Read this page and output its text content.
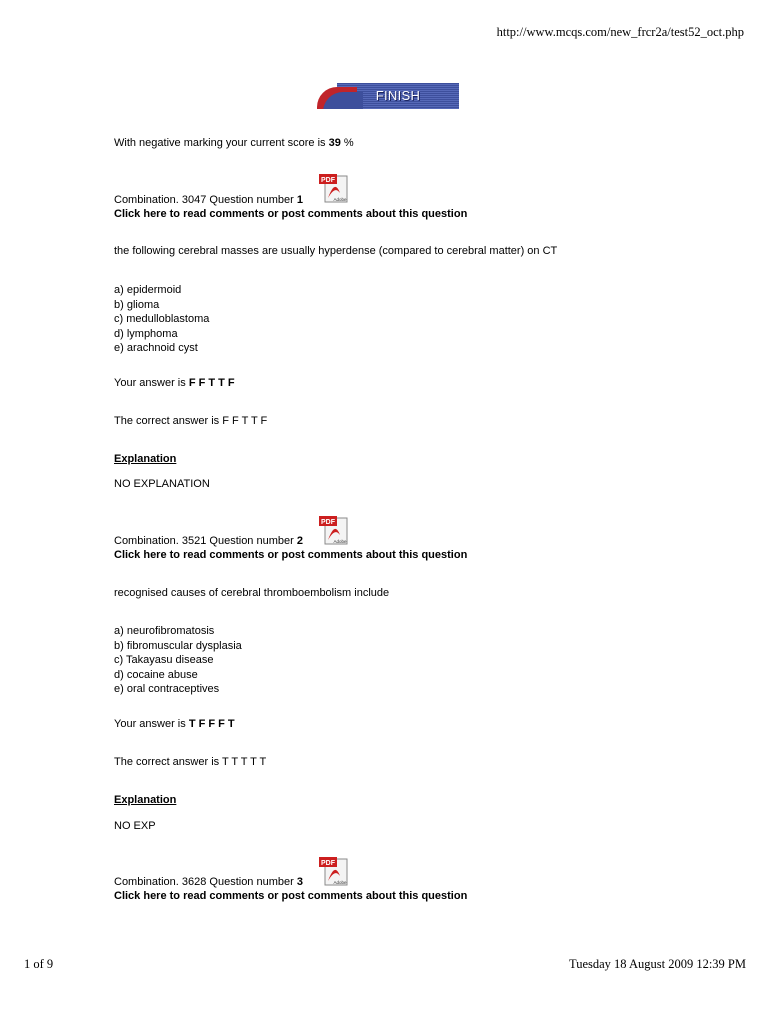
http://www.mcqs.com/new_frcr2a/test52_oct.php
FINISH
With negative marking your current score is 39 %
PDF
Adobe
Combination. 3047 Question number 1
Click here to read comments or post comments about this question
the following cerebral masses are usually hyperdense (compared to cerebral matter) on CT
a) epidermoid
b) glioma
c) medulloblastoma
d) lymphoma
e) arachnoid cyst
Your answer is F F T T F
The correct answer is F F T T F
Explanation
NO EXPLANATION
PDF
Adobe
Combination. 3521 Question number 2
Click here to read comments or post comments about this question
recognised causes of cerebral thromboembolism include
a) neurofibromatosis
b) fibromuscular dysplasia
c) Takayasu disease
d) cocaine abuse
e) oral contraceptives
Your answer is T F F F T
The correct answer is T T T T T
Explanation
NO EXP
PDF
Adobe
Combination. 3628 Question number 3
Click here to read comments or post comments about this question
1 of 9	Tuesday 18 August 2009 12:39 PM
